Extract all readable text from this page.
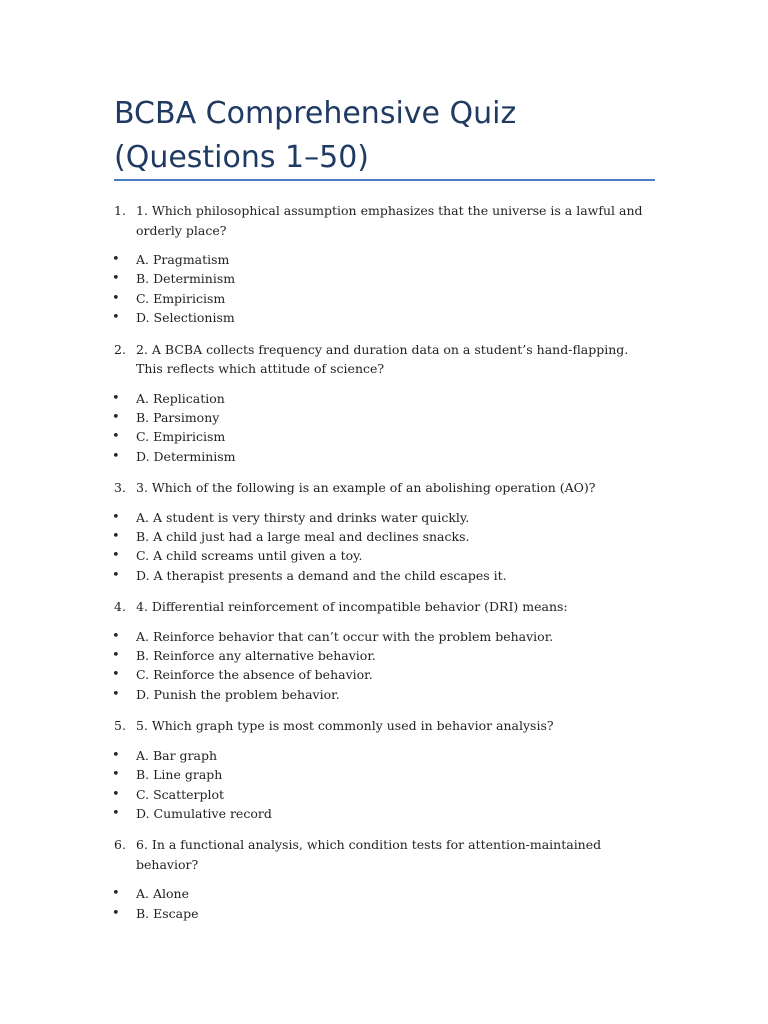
BCBA Comprehensive Quiz (Questions 1–50)
1. 1. Which philosophical assumption emphasizes that the universe is a lawful and orderly place?
• A. Pragmatism
• B. Determinism
• C. Empiricism
• D. Selectionism
2. 2. A BCBA collects frequency and duration data on a student’s hand-flapping. This reflects which attitude of science?
• A. Replication
• B. Parsimony
• C. Empiricism
• D. Determinism
3. 3. Which of the following is an example of an abolishing operation (AO)?
• A. A student is very thirsty and drinks water quickly.
• B. A child just had a large meal and declines snacks.
• C. A child screams until given a toy.
• D. A therapist presents a demand and the child escapes it.
4. 4. Differential reinforcement of incompatible behavior (DRI) means:
• A. Reinforce behavior that can’t occur with the problem behavior.
• B. Reinforce any alternative behavior.
• C. Reinforce the absence of behavior.
• D. Punish the problem behavior.
5. 5. Which graph type is most commonly used in behavior analysis?
• A. Bar graph
• B. Line graph
• C. Scatterplot
• D. Cumulative record
6. 6. In a functional analysis, which condition tests for attention-maintained behavior?
• A. Alone
• B. Escape
